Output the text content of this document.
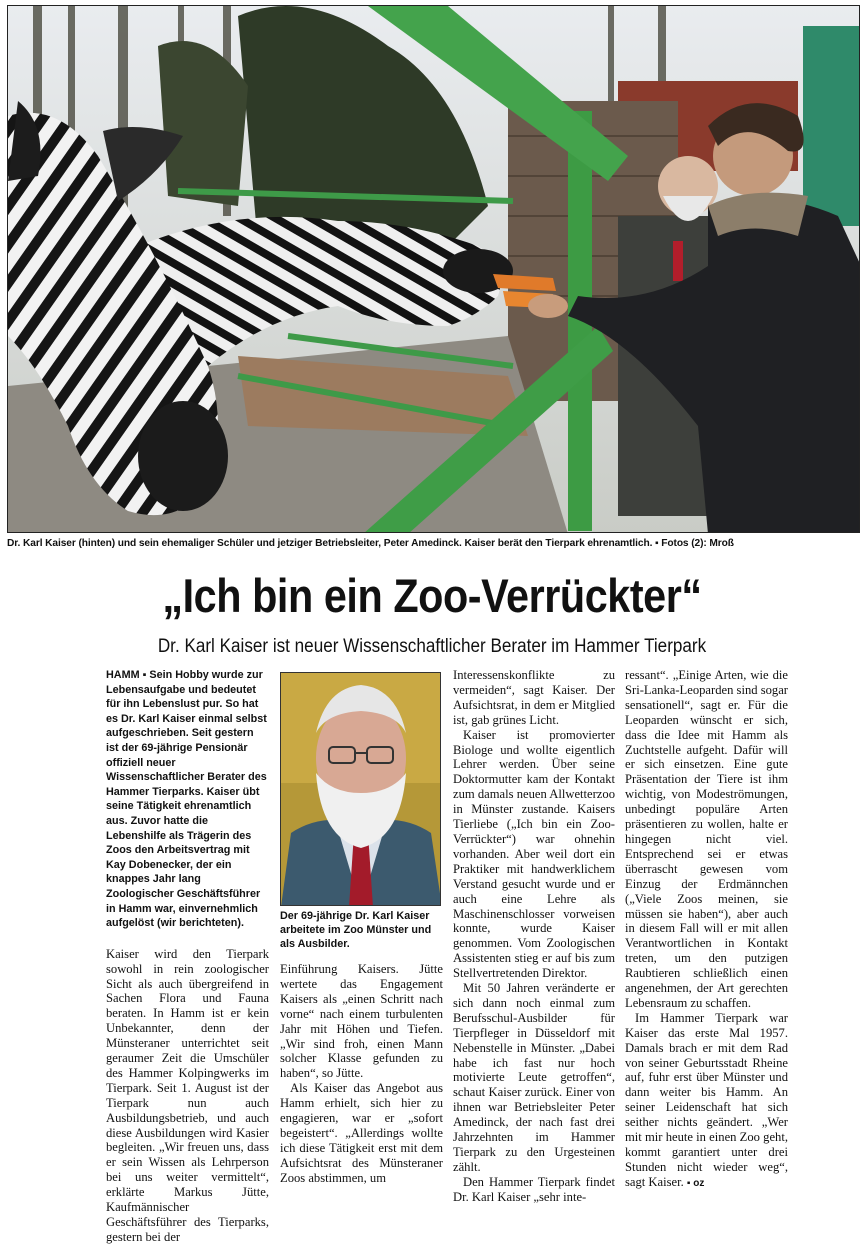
Dr. Karl Kaiser (hinten) und sein ehemaliger Schüler und jetziger Betriebsleiter, Peter Amedinck. Kaiser berät den Tierpark ehrenamtlich. ▪ Fotos (2): Mroß
„Ich bin ein Zoo-Verrückter“
Dr. Karl Kaiser ist neuer Wissenschaftlicher Berater im Hammer Tierpark

HAMM ▪ Sein Hobby wurde zur Lebensaufgabe und bedeutet für ihn Lebenslust pur. So hat es Dr. Karl Kaiser einmal selbst aufgeschrieben. Seit gestern ist der 69-jährige Pensionär offiziell neuer Wissenschaftlicher Berater des Hammer Tierparks. Kaiser übt seine Tätigkeit ehrenamtlich aus. Zuvor hatte die Lebenshilfe als Trägerin des Zoos den Arbeitsvertrag mit Kay Dobenecker, der ein knappes Jahr lang Zoologischer Geschäftsführer in Hamm war, einvernehmlich aufgelöst (wir berichteten).

Kaiser wird den Tierpark sowohl in rein zoologischer Sicht als auch übergreifend in Sachen Flora und Fauna beraten. In Hamm ist er kein Unbekannter, denn der Münsteraner unterrichtet seit geraumer Zeit die Umschüler des Hammer Kolpingwerks im Tierpark. Seit 1. August ist der Tierpark nun auch Ausbildungsbetrieb, und auch diese Ausbildungen wird Kasier begleiten. „Wir freuen uns, dass er sein Wissen als Lehrperson bei uns weiter vermittelt“, erklärte Markus Jütte, Kaufmännischer Geschäftsführer des Tierparks, gestern bei der

Der 69-jährige Dr. Karl Kaiser arbeitete im Zoo Münster und als Ausbilder.

Einführung Kaisers. Jütte wertete das Engagement Kaisers als „einen Schritt nach vorne“ nach einem turbulenten Jahr mit Höhen und Tiefen. „Wir sind froh, einen Mann solcher Klasse gefunden zu haben“, so Jütte.

Als Kaiser das Angebot aus Hamm erhielt, sich hier zu engagieren, war er „sofort begeistert“. „Allerdings wollte ich diese Tätigkeit erst mit dem Aufsichtsrat des Münsteraner Zoos abstimmen, um

Interessenskonflikte zu vermeiden“, sagt Kaiser. Der Aufsichtsrat, in dem er Mitglied ist, gab grünes Licht.

Kaiser ist promovierter Biologe und wollte eigentlich Lehrer werden. Über seine Doktormutter kam der Kontakt zum damals neuen Allwetterzoo in Münster zustande. Kaisers Tierliebe („Ich bin ein Zoo-Verrückter“) war ohnehin vorhanden. Aber weil dort ein Praktiker mit handwerklichem Verstand gesucht wurde und er auch eine Lehre als Maschinenschlosser vorweisen konnte, wurde Kaiser genommen. Vom Zoologischen Assistenten stieg er auf bis zum Stellvertretenden Direktor.

Mit 50 Jahren veränderte er sich dann noch einmal zum Berufsschul-Ausbilder für Tierpfleger in Düsseldorf mit Nebenstelle in Münster. „Dabei habe ich fast nur hoch motivierte Leute getroffen“, schaut Kaiser zurück. Einer von ihnen war Betriebsleiter Peter Amedinck, der nach fast drei Jahrzehnten im Hammer Tierpark zu den Urgesteinen zählt.

Den Hammer Tierpark findet Dr. Karl Kaiser „sehr inte-

ressant“. „Einige Arten, wie die Sri-Lanka-Leoparden sind sogar sensationell“, sagt er. Für die Leoparden wünscht er sich, dass die Idee mit Hamm als Zuchtstelle aufgeht. Dafür will er sich einsetzen. Eine gute Präsentation der Tiere ist ihm wichtig, von Modeströmungen, unbedingt populäre Arten präsentieren zu wollen, halte er hingegen nicht viel. Entsprechend sei er etwas überrascht gewesen vom Einzug der Erdmännchen („Viele Zoos meinen, sie müssen sie haben“), aber auch in diesem Fall will er mit allen Verantwortlichen in Kontakt treten, um den putzigen Raubtieren schließlich einen angenehmen, der Art gerechten Lebensraum zu schaffen.

Im Hammer Tierpark war Kaiser das erste Mal 1957. Damals brach er mit dem Rad von seiner Geburtsstadt Rheine auf, fuhr erst über Münster und dann weiter bis Hamm. An seiner Leidenschaft hat sich seither nichts geändert. „Wer mit mir heute in einen Zoo geht, kommt garantiert unter drei Stunden nicht wieder weg“, sagt Kaiser. ▪ oz
